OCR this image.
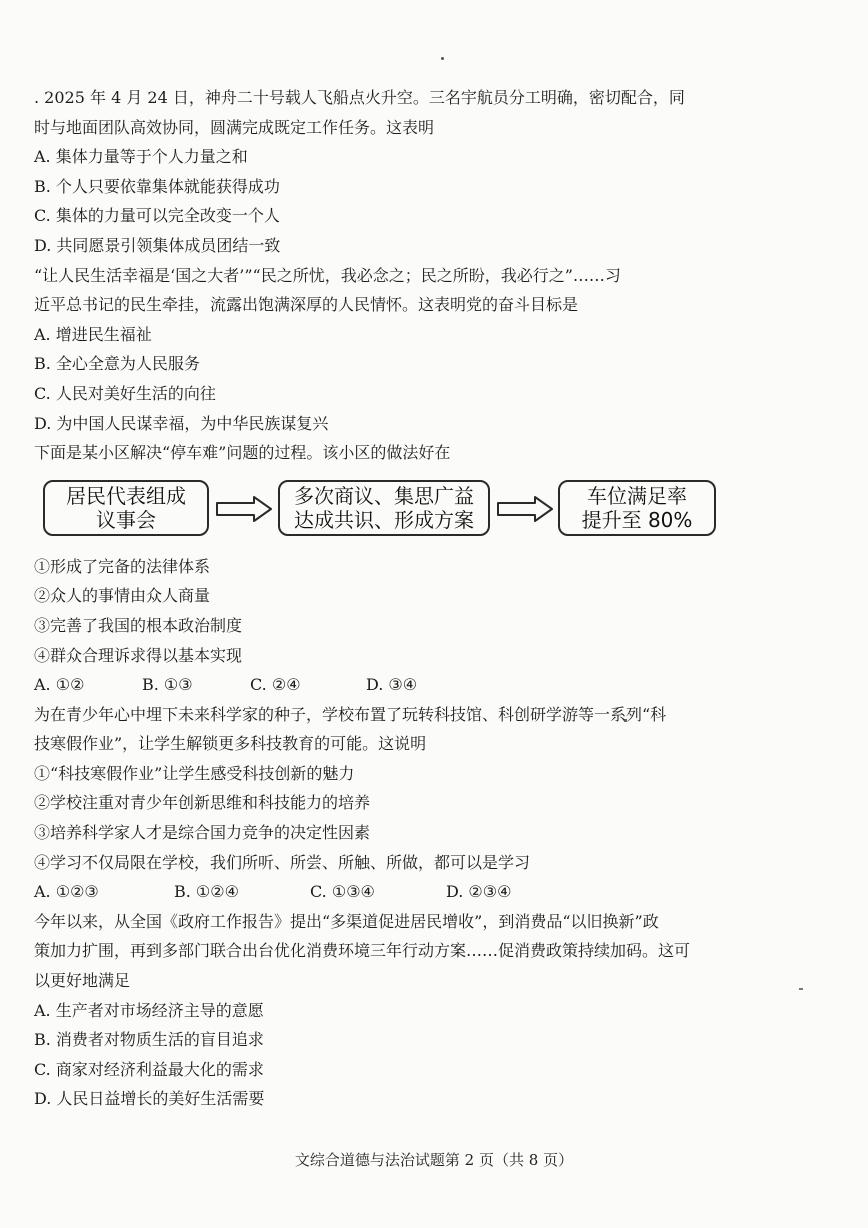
. 2025 年 4 月 24 日，神舟二十号载人飞船点火升空。三名宇航员分工明确，密切配合，同
时与地面团队高效协同，圆满完成既定工作任务。这表明
A. 集体力量等于个人力量之和
B. 个人只要依靠集体就能获得成功
C. 集体的力量可以完全改变一个人
D. 共同愿景引领集体成员团结一致
“让人民生活幸福是‘国之大者’”“民之所忧，我必念之；民之所盼，我必行之”……习
近平总书记的民生牵挂，流露出饱满深厚的人民情怀。这表明党的奋斗目标是
A. 增进民生福祉
B. 全心全意为人民服务
C. 人民对美好生活的向往
D. 为中国人民谋幸福，为中华民族谋复兴
下面是某小区解决“停车难”问题的过程。该小区的做法好在
居民代表组成
议事会
多次商议、集思广益
达成共识、形成方案
车位满足率
提升至 80%
①形成了完备的法律体系
②众人的事情由众人商量
③完善了我国的根本政治制度
④群众合理诉求得以基本实现
A. ①②	B. ①③	C. ②④	D. ③④
为在青少年心中埋下未来科学家的种子，学校布置了玩转科技馆、科创研学游等一系列“科
技寒假作业”，让学生解锁更多科技教育的可能。这说明
①“科技寒假作业”让学生感受科技创新的魅力
②学校注重对青少年创新思维和科技能力的培养
③培养科学家人才是综合国力竞争的决定性因素
④学习不仅局限在学校，我们所听、所尝、所触、所做，都可以是学习
A. ①②③	B. ①②④	C. ①③④	D. ②③④
今年以来，从全国《政府工作报告》提出“多渠道促进居民增收”，到消费品“以旧换新”政
策加力扩围，再到多部门联合出台优化消费环境三年行动方案……促消费政策持续加码。这可
以更好地满足
A. 生产者对市场经济主导的意愿
B. 消费者对物质生活的盲目追求
C. 商家对经济利益最大化的需求
D. 人民日益增长的美好生活需要
文综合道德与法治试题第 2 页（共 8 页）
